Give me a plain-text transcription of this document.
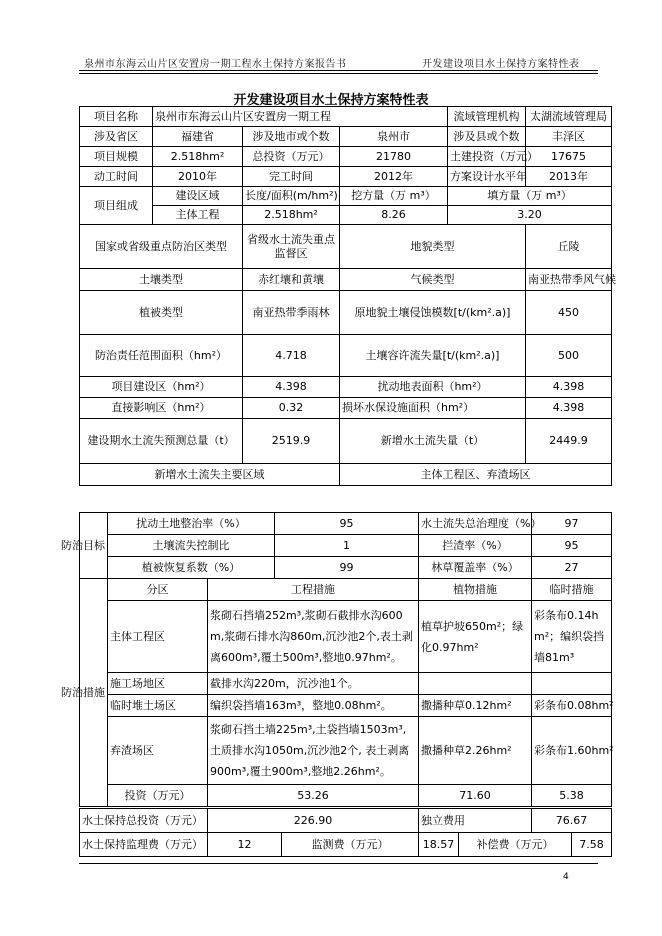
泉州市东海云山片区安置房一期工程水土保持方案报告书	开发建设项目水土保持方案特性表
开发建设项目水土保持方案特性表
项目名称	泉州市东海云山片区安置房一期工程			流域管理机构	太湖流域管理局
涉及省区	福建省	涉及地市或个数	泉州市	涉及县或个数	丰泽区
项目规模	2.518hm²	总投资（万元）	21780	土建投资（万元）	17675
动工时间	2010年	完工时间	2012年	方案设计水平年	2013年
项目组成	建设区域	长度/面积(m/hm²)	挖方量（万 m³）	填方量（万 m³）	
	主体工程	2.518hm²	8.26	3.20	
国家或省级重点防治区类型		省级水土流失重点监督区	地貌类型		丘陵
土壤类型		赤红壤和黄壤	气候类型		南亚热带季风气候
植被类型		南亚热带季雨林	原地貌土壤侵蚀模数[t/(km².a)]		450
防治责任范围面积（hm²）		4.718	土壤容许流失量[t/(km².a)]		500
项目建设区（hm²）		4.398	扰动地表面积（hm²）		4.398
直接影响区（hm²）		0.32	损坏水保设施面积（hm²）		4.398
建设期水土流失预测总量（t）		2519.9	新增水土流失量（t）		2449.9
新增水土流失主要区域			主体工程区、弃渣场区		
防治目标	扰动土地整治率（%） 95		水土流失总治理度（%）	97

	土壤流失控制比 1		拦渣率（%）	95

	植被恢复系数（%） 99		林草覆盖率（%）	27
防治措施	分区	工程措施	植物措施	临时措施
	主体工程区	浆砌石挡墙252m³,浆砌石截排水沟600m,浆砌石排水沟860m,沉沙池2个,表土剥离600m³,覆土500m³,整地0.97hm²。	植草护坡650m²；绿化0.97hm²	彩条布0.14hm²；编织袋挡墙81m³
	施工场地区	截排水沟220m，沉沙池1个。		
	临时堆土场区	编织袋挡墙163m³，整地0.08hm²。	撒播种草0.12hm²	彩条布0.08hm²
	弃渣场区	浆砌石挡土墙225m³,土袋挡墙1503m³,土质排水沟1050m,沉沙池2个, 表土剥离900m³,覆土900m³,整地2.26hm²。	撒播种草2.26hm²	彩条布1.60hm²
	投资（万元）	53.26	71.60	5.38
水土保持总投资（万元）	226.90		独立费用		76.67	
水土保持监理费（万元）	12	监测费（万元）	18.57	补偿费（万元）		7.58
4
